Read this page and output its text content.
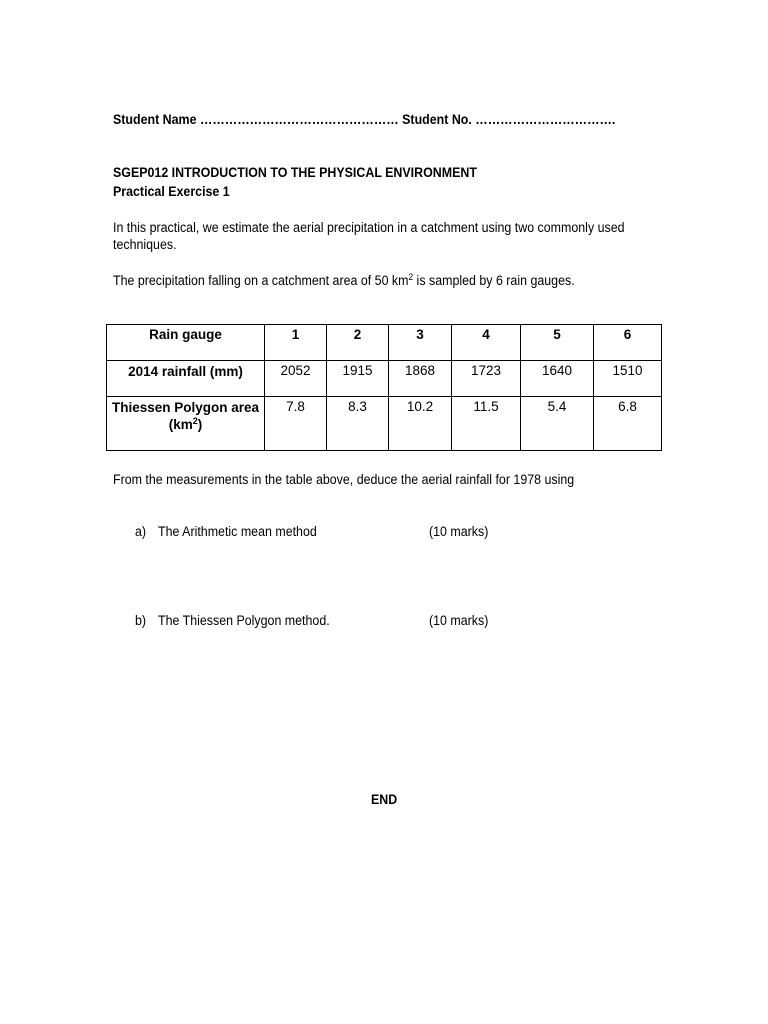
Student Name ………………………………………… Student No. …………………………….
SGEP012 INTRODUCTION TO THE PHYSICAL ENVIRONMENT
Practical Exercise 1
In this practical, we estimate the aerial precipitation in a catchment using two commonly used techniques.
The precipitation falling on a catchment area of 50 $km^2$ is sampled by 6 rain gauges.
Rain gauge	1	2	3	4	5	6

2014 rainfall (mm)	2052	1915	1868	1723	1640	1510

Thiessen Polygon area
$(km^2)$	7.8	8.3	10.2	11.5	5.4	6.8
From the measurements in the table above, deduce the aerial rainfall for 1978 using
a) The Arithmetic mean method	(10 marks)
b) The Thiessen Polygon method.	(10 marks)
END
